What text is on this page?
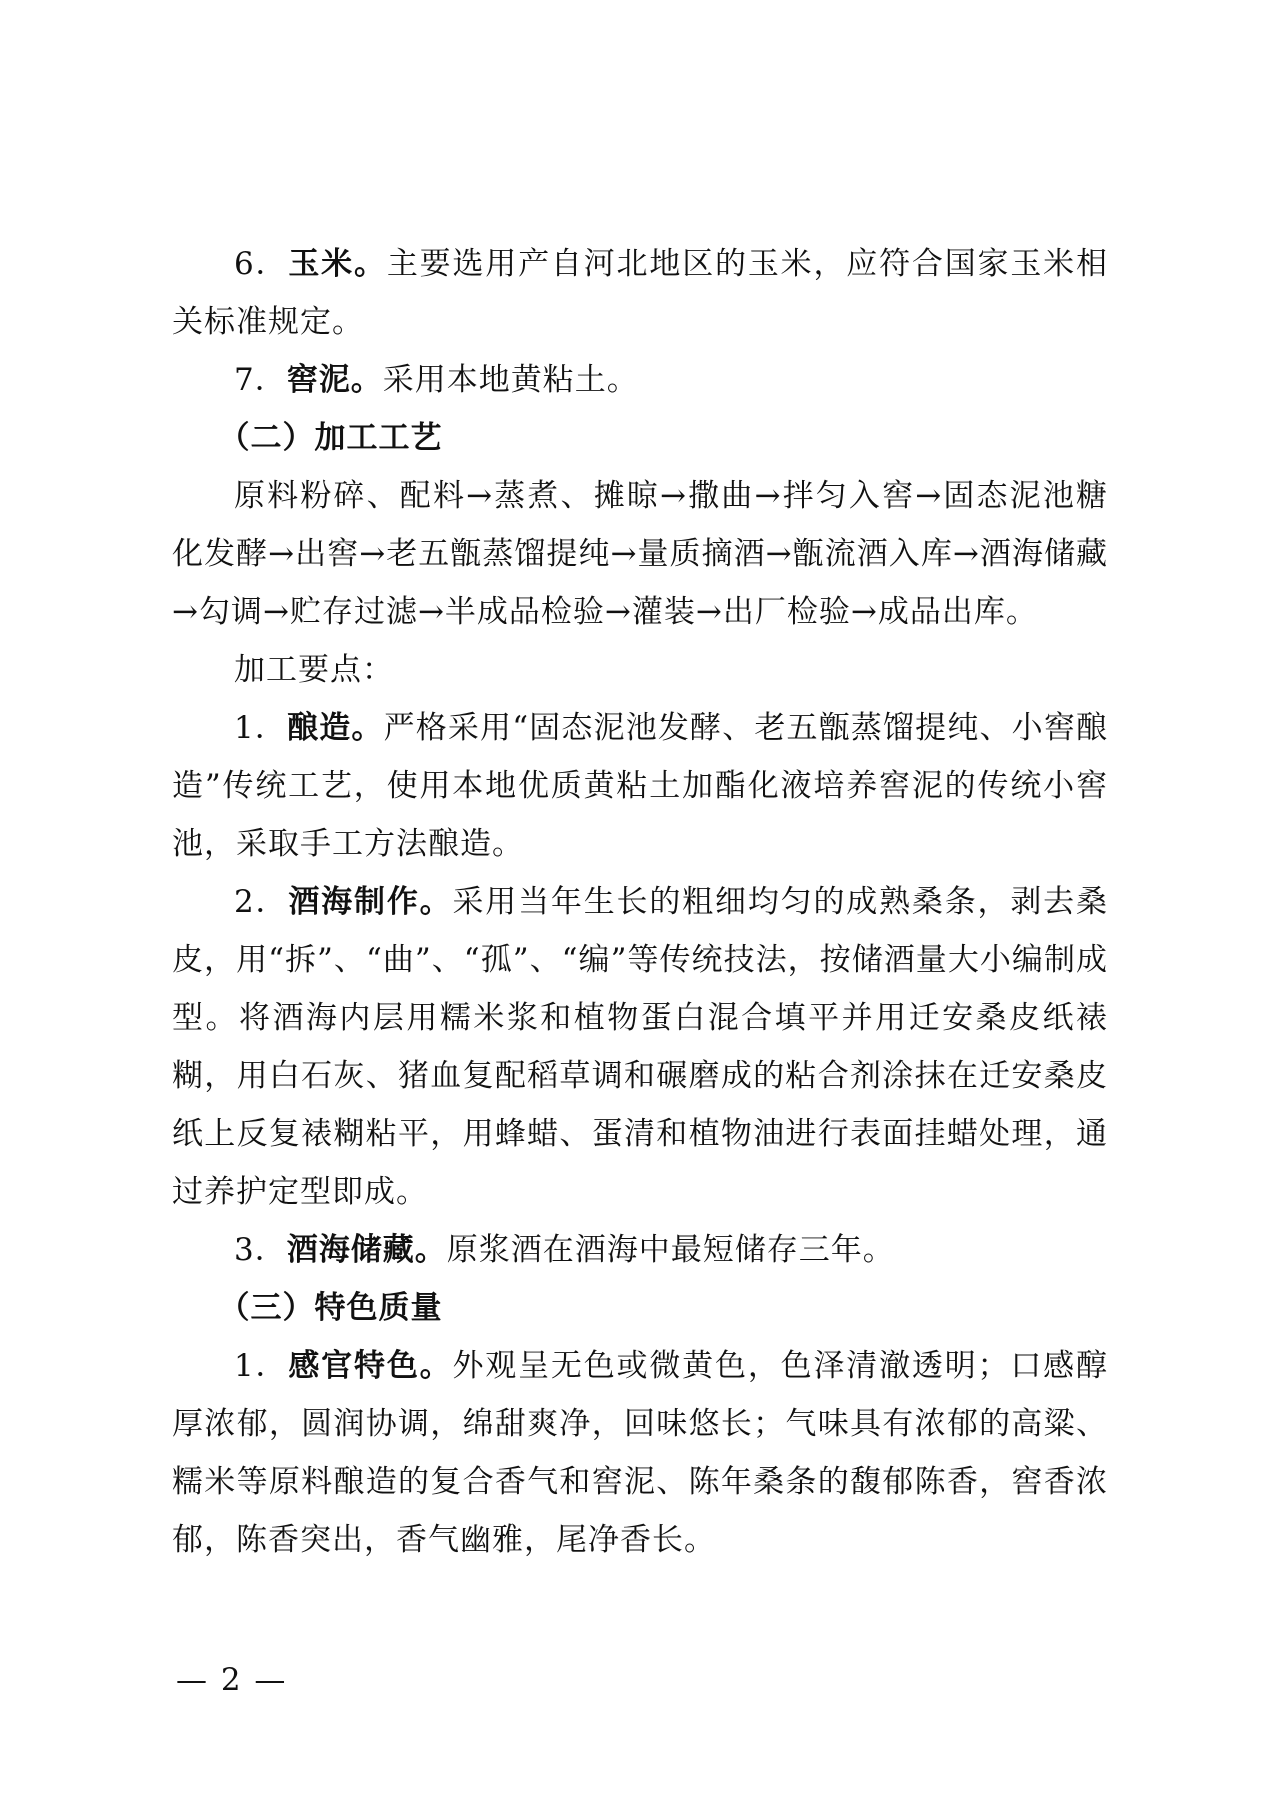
6．玉米。主要选用产自河北地区的玉米，应符合国家玉米相关标准规定。

7．窖泥。采用本地黄粘土。

（二）加工工艺

原料粉碎、配料→蒸煮、摊晾→撒曲→拌匀入窖→固态泥池糖化发酵→出窖→老五甑蒸馏提纯→量质摘酒→甑流酒入库→酒海储藏→勾调→贮存过滤→半成品检验→灌装→出厂检验→成品出库。

加工要点：

1．酿造。严格采用“固态泥池发酵、老五甑蒸馏提纯、小窖酿造”传统工艺，使用本地优质黄粘土加酯化液培养窖泥的传统小窖池，采取手工方法酿造。

2．酒海制作。采用当年生长的粗细均匀的成熟桑条，剥去桑皮，用“拆”、“曲”、“孤”、“编”等传统技法，按储酒量大小编制成型。将酒海内层用糯米浆和植物蛋白混合填平并用迁安桑皮纸裱糊，用白石灰、猪血复配稻草调和碾磨成的粘合剂涂抹在迁安桑皮纸上反复裱糊粘平，用蜂蜡、蛋清和植物油进行表面挂蜡处理，通过养护定型即成。

3．酒海储藏。原浆酒在酒海中最短储存三年。

（三）特色质量

1．感官特色。外观呈无色或微黄色，色泽清澈透明；口感醇厚浓郁，圆润协调，绵甜爽净，回味悠长；气味具有浓郁的高粱、糯米等原料酿造的复合香气和窖泥、陈年桑条的馥郁陈香，窖香浓郁，陈香突出，香气幽雅，尾净香长。

— 2 —
